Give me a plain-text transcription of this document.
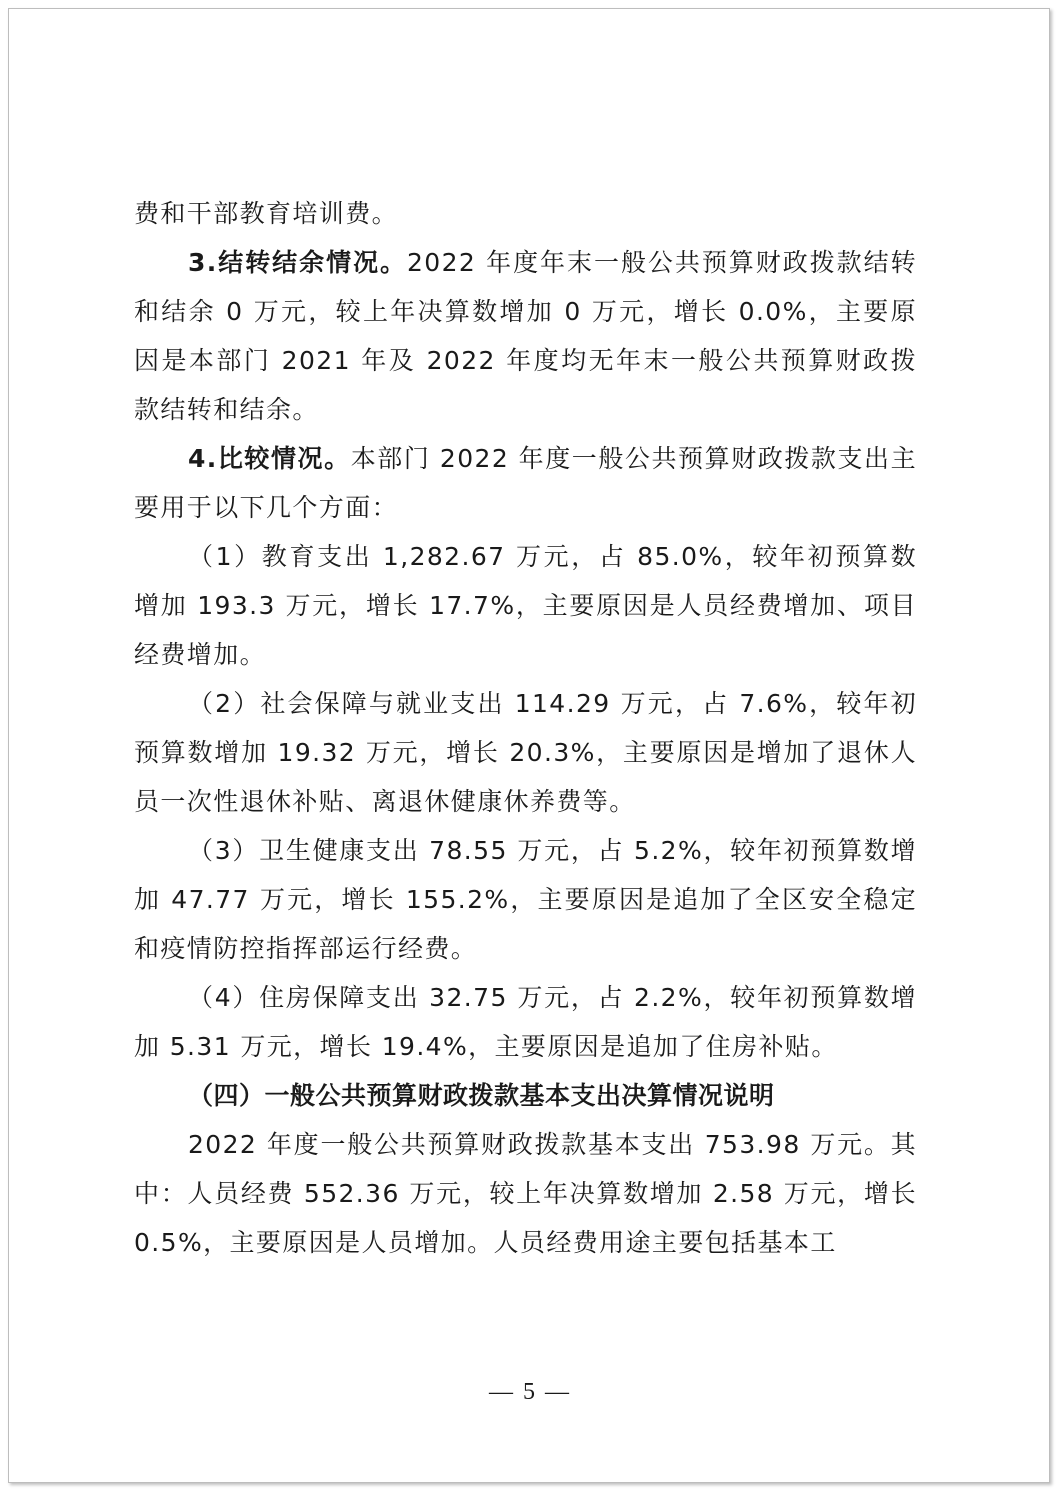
费和干部教育培训费。

3.结转结余情况。2022 年度年末一般公共预算财政拨款结转和结余 0 万元，较上年决算数增加 0 万元，增长 0.0%，主要原因是本部门 2021 年及 2022 年度均无年末一般公共预算财政拨款结转和结余。

4.比较情况。本部门 2022 年度一般公共预算财政拨款支出主要用于以下几个方面：

（1）教育支出 1,282.67 万元，占 85.0%，较年初预算数增加 193.3 万元，增长 17.7%，主要原因是人员经费增加、项目经费增加。

（2）社会保障与就业支出 114.29 万元，占 7.6%，较年初预算数增加 19.32 万元，增长 20.3%，主要原因是增加了退休人员一次性退休补贴、离退休健康休养费等。

（3）卫生健康支出 78.55 万元，占 5.2%，较年初预算数增加 47.77 万元，增长 155.2%，主要原因是追加了全区安全稳定和疫情防控指挥部运行经费。

（4）住房保障支出 32.75 万元，占 2.2%，较年初预算数增加 5.31 万元，增长 19.4%，主要原因是追加了住房补贴。

（四）一般公共预算财政拨款基本支出决算情况说明

2022 年度一般公共预算财政拨款基本支出 753.98 万元。其中：人员经费 552.36 万元，较上年决算数增加 2.58 万元，增长 0.5%，主要原因是人员增加。人员经费用途主要包括基本工

— 5 —
